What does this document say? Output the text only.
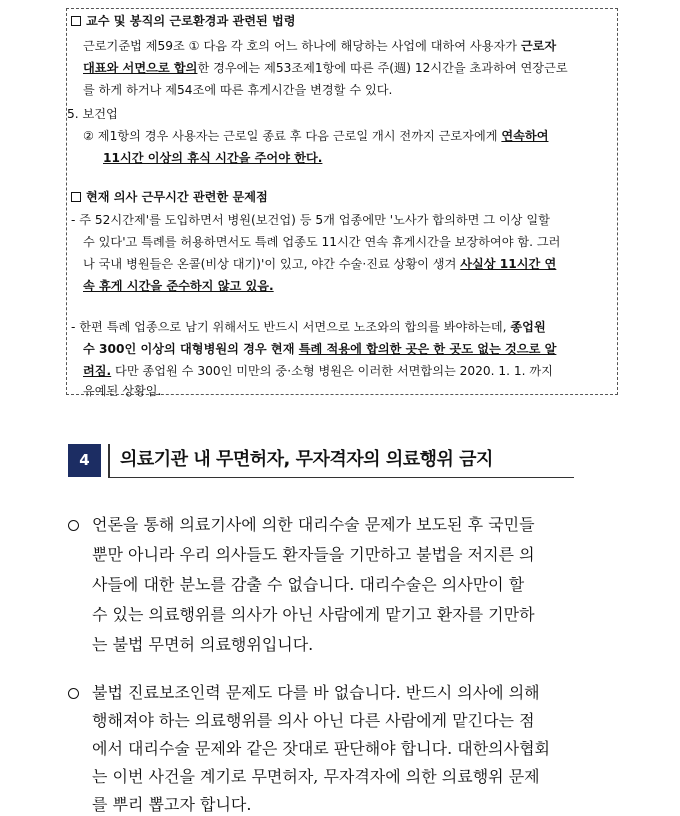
교수 및 봉직의 근로환경과 관련된 법령
근로기준법 제59조 ① 다음 각 호의 어느 하나에 해당하는 사업에 대하여 사용자가 근로자
대표와 서면으로 합의한 경우에는 제53조제1항에 따른 주(週) 12시간을 초과하여 연장근로
를 하게 하거나 제54조에 따른 휴게시간을 변경할 수 있다.
5. 보건업
② 제1항의 경우 사용자는 근로일 종료 후 다음 근로일 개시 전까지 근로자에게 연속하여
11시간 이상의 휴식 시간을 주어야 한다.
현재 의사 근무시간 관련한 문제점
- 주 52시간제'를 도입하면서 병원(보건업) 등 5개 업종에만 '노사가 합의하면 그 이상 일할
수 있다'고 특례를 허용하면서도 특례 업종도 11시간 연속 휴게시간을 보장하여야 함. 그러
나 국내 병원들은 온콜(비상 대기)'이 있고, 야간 수술·진료 상황이 생겨 사실상 11시간 연
속 휴게 시간을 준수하지 않고 있음.
- 한편 특례 업종으로 남기 위해서도 반드시 서면으로 노조와의 합의를 봐야하는데, 종업원
수 300인 이상의 대형병원의 경우 현재 특례 적용에 합의한 곳은 한 곳도 없는 것으로 알
려짐. 다만 종업원 수 300인 미만의 중·소형 병원은 이러한 서면합의는 2020. 1. 1. 까지
유예된 상황임.
4	의료기관 내 무면허자, 무자격자의 의료행위 금지
언론을 통해 의료기사에 의한 대리수술 문제가 보도된 후 국민들
뿐만 아니라 우리 의사들도 환자들을 기만하고 불법을 저지른 의
사들에 대한 분노를 감출 수 없습니다. 대리수술은 의사만이 할
수 있는 의료행위를 의사가 아닌 사람에게 맡기고 환자를 기만하
는 불법 무면허 의료행위입니다.
불법 진료보조인력 문제도 다를 바 없습니다. 반드시 의사에 의해
행해져야 하는 의료행위를 의사 아닌 다른 사람에게 맡긴다는 점
에서 대리수술 문제와 같은 잣대로 판단해야 합니다. 대한의사협회
는 이번 사건을 계기로 무면허자, 무자격자에 의한 의료행위 문제
를 뿌리 뽑고자 합니다.
